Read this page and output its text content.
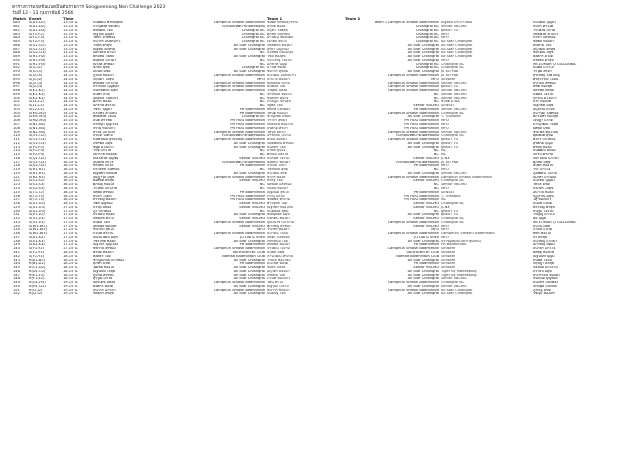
ตารางการแข่งขันแบดมินตันรายการ Songpeenong Nan Challenge 2023
วันที่ 12 - 13 กุมภาพันธ์ 2566
Match	Event	Time			Team 1	Team 2		
080	S(D1-D1)	13.15 น.	ธนพัฒน์ พรหมสุทธิ์	Lamphun Smash Badminton	ชยพล พรหมสุวรรณ	Team 1 Lamphun Smash Badminton	ณัฐพงษ์ ประภาวัฒน์	ธนวัฒน์ บุญมา
081	S(D1-D2)	13.15 น.	ภาณุพงศ์ ชัยรัตน์	โรงเรียนเทศบาลวัดศรีพันต้น	สุวิทย์ ทองดี	Chiangrai BC	Senior VBCMU	ธนกร ศรีวงศ์
082	S(D1-D3)	13.15 น.	พีรพัฒน์ ใจดี	Chiangrai BC	อนุชา วงศ์สุข	Chiangrai BC	ยุทธนา TU	วีระพงษ์ แก้วดี
083	S(F1-F2)	13.15 น.	ณัฐวุฒิ บุญส่ง	Chiangrai BC	ศุภชัย มณีรัตน์	Chiangrai BC	MFU	กิตติพงษ์ คำแก้ว
084	S(F1-F3)	13.15 น.	วิทยา สายทอง	Chiangrai BC	ธีรวัฒน์ ชัยมงคล	Chiangrai BC	MFU	ปรีชา แสงทอง
085	S(F2-F3)	13.15 น.	ธนากร อินทร์แก้ว	Chiangrai BC	เอกชัย สุขใจ	Chiangrai BC	All Star Chiangrai	ชยพล ทองคำ
086	S(G1-G2)	13.15 น.	วรพล ศรีสุข	All Star Chiangrai	กิตติศักดิ์ ทองมา	All Star Chiangrai	All Star Chiangrai	สมชาย ใจดี
087	S(G1-G3)	13.15 น.	ณัฐพล จันทร์ดี	All Star Chiangrai	สุริยา บุญเรือง	All Star Chiangrai	All Star Chiangrai	อนุวัฒน์ ศรีสุข
088	S(G2-G3)	13.15 น.	ปิยะพงษ์ คำมา	NC	ธวัชชัย แสงอรุณ	All Star Chiangrai	All Star Chiangrai	ชัยวัฒน์ มีสุข
089	S(H1-H2)	13.15 น.	ศักดิ์ชัย วงศ์ดี	All Star Chiangrai	วิชัย ทองสุข	All Star Chiangrai	All Star Chiangrai	พงศกร ดวงดี
090	S(H1-H3)	13.15 น.	สมศักดิ์ แก้วมา	NC	ประเสริฐ ใจงาม	All Star Chiangrai	MFU	ธีรพงษ์ คำสุข
091	S(H2-H3)	13.15 น.	ณรงค์ ศรีทอง	NC	อภิชาติ บุญมี	Chiangrai BC	Chiangrai BC	Mr.ZOMAR Q GUZZARAL
092	S(I1-I2)	13.15 น.	ชาตรี สุขดี	Chiangrai BC	มานพ ทองดี	Chiangrai BC	Chiangrai BC	ธนพล แก้วใจ
093	S(I1-I3)	14.15 น.	อนันต์ มีชัย	All Star Chiangrai	ชยากร สุขสม	All Star Chiangrai	Ju XO Pao	วรวุฒิ ศรีมา
094	S(I2-I3)	14.15 น.	ภูวดล ทองมา	Lamphun Smash Badminton	ธนวัฒน์ จันทร์แก้ว	Lamphun Smash Badminton	Ju XO Pao	สุรเชษฐ์ วงศ์ใหญ่
095	S(J1-J2)	14.15 น.	กฤษดา ใจสุข	MFU	อำนาจ ทองคำ	MFU	Sinisam	ศรีสุวรรณ ใจมั่น
096	S(J1-J3)	14.15 น.	สิทธิชัย แก้วงาม	Lamphun Smash Badminton	พงษ์ศักดิ์ ดีงาม	Lamphun Smash Badminton	Senior VBCMU	ธนาธิป ศรีทอง
097	S(J2-J3)	14.15 น.	ประพันธ์ บุญทอง	Lamphun Smash Badminton	สมพงษ์ ใจดี	Lamphun Smash Badminton	ยุทธนา TU	พิชิต ทองสุข
098	S(K1-K2)	14.15 น.	เกียรติศักดิ์ มีสุข	Lamphun Smash Badminton	วีรยุทธ แสงดี	Lamphun Smash Badminton	Senior VBCMU	อัครพล ศรีสุข
099	S(K1-K3)	14.15 น.	ธนพร คำดี	NC	จักรพันธ์ ทองใบ	NC	Senior VBCMU	นพดล ใจงาม
100	S(K2-K3)	14.15 น.	อดิศักดิ์ วงศ์แก้ว	NC	ชนินทร์ สุขใจ	NC	Senior VBCMU	ปกรณ์ ดวงแก้ว
101	S(L1-L2)	14.15 น.	ศุภกร ทองดี	NC	ภาคภูมิ แก้วสุข	NC	ชวลิต JCNX	ธีระ ทองแท้
102	S(L1-L3)	14.15 น.	อภิรักษ์ ศรีงาม	NC	รัฐพล ใจดี	Senior VBCMU	SENSEI	ณัฐกิตติ์ มีสุข
103	S(L2-L3)	14.15 น.	วัชระ บุญมา	PR Badminton	พิทักษ์ แสงทอง	PR Badminton	Senior VBCMU	อนุสรณ์ ดวงดี
104	S(M1-M2)	14.15 น.	นรินทร์ คำแสน	PR Badminton	วสันต์ ทองมา	Lamphun Smash Badminton	Chiangrai BC	ธนาวุฒิ วงศ์ทอง
105	S(M1-M3)	15.15 น.	สุทธิพงษ์ ใจมั่น	Chiangrai BC	ชาญวิทย์ มีทอง	All Star Chiangrai	T. Thailand	ศักรินทร์ ทองสุข
106	S(M2-M3)	15.15 น.	ธนิต ศรีวิชัย	PR HUG Badminton	วรากร สุขมา	PR HUG Badminton	MFU	เจษฎา แก้วดี
107	S(N1-N2)	15.15 น.	ปรัชญา บุญเรือง	PR HUG Badminton	กษิดิ์เดช ทองงาม	PR HUG Badminton	MFU	ภาณุวัฒน์ ใจสุข
108	S(N1-N3)	15.15 น.	จิรายุ ทองแก้ว	PR HUG Badminton	ธีรศักดิ์ ศรีมา	PR HUG Badminton	MFU	ยศพล มีชัย
109	S(N2-N3)	15.15 น.	สรวิศ แก้วมณี	Lamphun Smash Badminton	วิศรุต ดีมาก	Lamphun Smash Badminton	Senior VBCMU	ชนะพล ทองใหม่
110	S(O1-O2)	15.15 น.	ธีรนัย วงศ์ใจ	โรงเรียนเทศบาลวัดศรีพันต้น	อรรถพล ใจงาม	โรงเรียนเทศบาลวัดศรีพันต้น	Chiangrai BC	พุฒิพงศ์ สุขดี
111	S(O1-O3)	15.15 น.	นันทวัฒน์ สุขเจริญ	Lamphun Smash Badminton	คณิน ทองมา	Lamphun Smash Badminton	ยุทธนา TU	ศิวกร แก้วทอง
112	S(O2-O3)	15.15 น.	ภัทรพล มีสุข	All Star Chiangrai	กิตติพัฒน์ ศรีทอง	All Star Chiangrai	ยุทธนา TU	สุรศักดิ์ บุญมี
113	S(P1-P2)	15.15 น.	ชยุต ดวงแก้ว	All Star Chiangrai	ธนภัทร ใจดี	All Star Chiangrai	ยุทธนา TU	พีรพล ทองดี
114	S(P1-P3)	15.15 น.	วิรัช แก้วใส	NC	อำพล สุขใจ	NC	NC	ธนพัฒน์ มีทอง
115	S(P2-P3)	15.15 น.	เอกราช ทองสุข	NC	ศรัณย์ แสงใส	NC	NC	จักริน ศรีงาม
116	S(Q1-Q2)	15.15 น.	สมเกียรติ บุญชัย	Senior VBCMU	ธนกฤต ใจงาม	Senior VBCMU	JCNX	ปิยะวัฒน์ แก้วมา
117	S(Q1-Q3)	16.15 น.	อนุพงษ์ ศรีใจ	โรงเรียนเทศบาลวัดศรีพันต้น	ชัยชนะ ทองคำ	โรงเรียนเทศบาลวัดศรีพันต้น	Ju XO Pao	ศุภชัย มีสุข
118	S(Q2-Q3)	16.15 น.	ทรงพล แก้วดี	PR Badminton	ธีรเดช ใจมา	PR Badminton	MFU	สมพร ทองใบ
119	S(R1-R2)	16.15 น.	ประสิทธิ์ วงศ์ทอง	NC	วัชรพงษ์ สุขดี	NC	MFU	วีระ แก้วใจ
120	S(R1-R3)	16.15 น.	ณัฐพัชร์ ทองแท้	All Star Chiangrai	ธนวัฒน์ ศรีดี	All Star Chiangrai	Senior VBCMU	ภูมิพัฒน์ ใจงาม
121	S(R2-R3)	16.15 น.	อัษฎาวุธ มีสุข	Lamphun Smash Badminton	ชวกร ทองดี	Lamphun Smash Badminton	Lamphun Smash Badminton	ณภัทร แก้วมณี
122	S(S1-S2)	16.15 น.	พงศ์พล ศรีสุข	Senior VBCMU	สหรัฐ ใจดี	Senior VBCMU	Chiangrai BC	ธนรัตน์ บุญมา
123	S(S1-S3)	16.15 น.	ศุภณัฐ ทองใส	NC	ปิยพงศ์ แสงทอง	NC	Senior VBCMU	วิทวัส มีชัย
124	S(S2-S3)	16.15 น.	วรวิทย์ แก้วงาม	NC	กฤติน ทองมา	NC	MFU	ธีรภัทร ใจสุข
125	S(T1-T2)	16.15 น.	จตุพล ศรีทอง	PR Badminton	ณัฐดนัย สุขใจ	PR Badminton	SENSEI	อนาวิล ทองดี
126	S(T1-T3)	16.15 น.	ธนกร ใจมั่น	PR HUG Badminton	ภาณุ แก้วดี	PR HUG Badminton	T. Thailand	ปฏิภาณ มีสุข
127	S(T2-T3)	16.15 น.	สิรวิชญ์ ทองคำ	PR HUG Badminton	ชยพัทธ์ ศรีงาม	PR HUG Badminton	NC	วสุ ทองแก้ว
128	S(U1-U2)	16.15 น.	รชต บุญทอง	Senior VBCMU	ศรายุทธ ใจดี	Senior VBCMU	Chiangrai BC	ธนบดี แสงดี
129	S(U1-U3)	17.15 น.	ปวริศ มีทอง	Senior VBCMU	ณัฐภัทร ทองใหม่	Senior VBCMU	JCNX	พีรวิชญ์ ศรีสุข
130	S(U2-U3)	17.15 น.	ภูริ แก้วทอง	NC	กันตพงศ์ สุขดี	NC	ยุทธนา TU	ธนภูมิ ใจงาม
131	S(V1-V2)	17.15 น.	ธีรวัฒน์ ทองดี	All Star Chiangrai	ชิษณุพงศ์ มีสุข	All Star Chiangrai	ยุทธนา TU	วรัญญู แก้วใจ
132	S(V1-V3)	17.15 น.	กิตติภพ ศรีใจ	Senior VBCMU	นพรัตน์ ทองมา	Senior VBCMU	Chiangrai BC	สุธี บุญมี
133	S(V2-V3)	17.15 น.	ธนดล ใจดี	Lamphun Smash Badminton	ปุณณวิช แก้วงาม	Lamphun Smash Badminton	Chiangrai BC	Mr.ZOMAR Q GUZZARAL
134	S(W1-W2)	17.15 น.	อิทธิพล ทองแท้	Senior VBCMU	ศุภวิชญ์ ศรีทอง	Senior VBCMU	MFU	ธนวิน มีชัย
135	S(W1-W3)	17.15 น.	ชนาธิป สุขใจ	MFU	วีรภัทร ทองคำ	MFU	MFU	ภาคิน แก้วดี
136	S(W2-W3)	17.15 น.	กวินท์ ศรีงาม	Lamphun Smash Badminton	ธนาคิน ใจมั่น	Lamphun Smash Badminton	Lamphun! Smash! Badminton	พชร ทองใบ
137	S(X1-X2)	17.15 น.	ปัณณวัฒน์ มีสุข	Ju Lilo & Stich	อชิตะ แสงทอง	Ju Lilo & Stich	MFU	ธีร์ ศรีสุข
138	S(X1-X3)	17.15 น.	วชิรวิทย์ ทองดี	All Star Chiangrai	ภัทรดนัย ใจดี	All Star Chiangrai	ประชุมสมัยในประชุมถนน	ธนวิชญ์ แก้วมา
139	S(X2-X3)	17.15 น.	ณัฐวัตร บุญเรือง	PR Badminton	สิทธิพล ทองมา	PR Badminton	PR Badminton	อภิวิชญ์ มีทอง
140	S(Y1-Y2)	17.15 น.	ชัชวาล ศรีทอง	Lamphun Smash Badminton	จิรวัฒน์ ใจงาม	Lamphun Smash Badminton	Sinisam	ธนาธร แก้วใจ
141	S(Y1-Y3)	18.15 น.	ศิริชัย ทองคำ	ปิยะสวนพีระยะ Club	ธนพล มีสุข	ปิยะสวนพีระยะ Club	Sinisam	พิสิษฐ์ ทองแท้
142	S(Y2-Y3)	18.15 น.	พงศธร ใจดี	Nomad Badminton Club	ภานุวัฒน์ ศรีงาม	Nomad Badminton Club	Sinisam	ณัฐนนท์ บุญมี
143	R(A1-B2)	18.15 น.	ชาญณรงค์ แก้วทอง	All Star Chiangrai	วรเมธ ทองใหม่	All Star Chiangrai	Sinisam	ธนทัต ใจมั่น
144	R(B1-A2)	18.15 น.	สุภัทร มีชัย	PR Badminton	ธนโชติ ทองดี	PR Badminton	Sinisam	กฤษฎา ศรีสุข
145	R(C1-D2)	18.15 น.	วุฒิชัย ทองใบ	All Star Chiangrai	ชยธร แสงดี	Senior VBCMU	Sinisam	ปองพล แก้วงาม
146	R(D1-C2)	18.15 น.	ณัฐนันท์ ใจสุข	All Star Chiangrai	อนุวัตร ทองมา	All Star Chiangrai	Tiger by Maneeping	ธราธิป มีสุข
147	R(E1-F2)	18.15 น.	ภูมิรพี ศรีทอง	All Star Chiangrai	เตชินท์ ใจดี	All Star Chiangrai	Tiger by Maneeping	ธนวรรธน์ ทองคำ
148	R(F1-E2)	18.15 น.	สุรวุฒิ แก้วดี	All Star Chiangrai	ภวินท์ ทองแก้ว	All Star Chiangrai	Senior VBCMU	ชนกันต์ บุญทอง
149	R(G1-H2)	19.15 น.	อัครเดช มีทอง	Lamphun Smash Badminton	วศิน ศรีใจ	Lamphun Smash Badminton	Chiangrai BC	ธนภัทร แสงทอง
150	R(H1-G2)	19.15 น.	พงศกร ทองดี	All Star Chiangrai	ณัฐวุฒิ ใจงาม	All Star Chiangrai	Senior VBCMU	Shogo Suzuki
151	R(I1-J2)	19.15 น.	ธนากร แก้วมา	Lamphun Smash Badminton	ชนาวีร์ ทองมา	Lamphun Smash Badminton	All Star Chiangrai	ภูริณัฐ มีชัย
152	R(J1-I2)	19.15 น.	กิตติกร ศรีสุข	All Star Chiangrai	ธนดิษฐ์ ใจดี	All Star Chiangrai	All Star Chiangrai	วิชญะ ทองแท้
